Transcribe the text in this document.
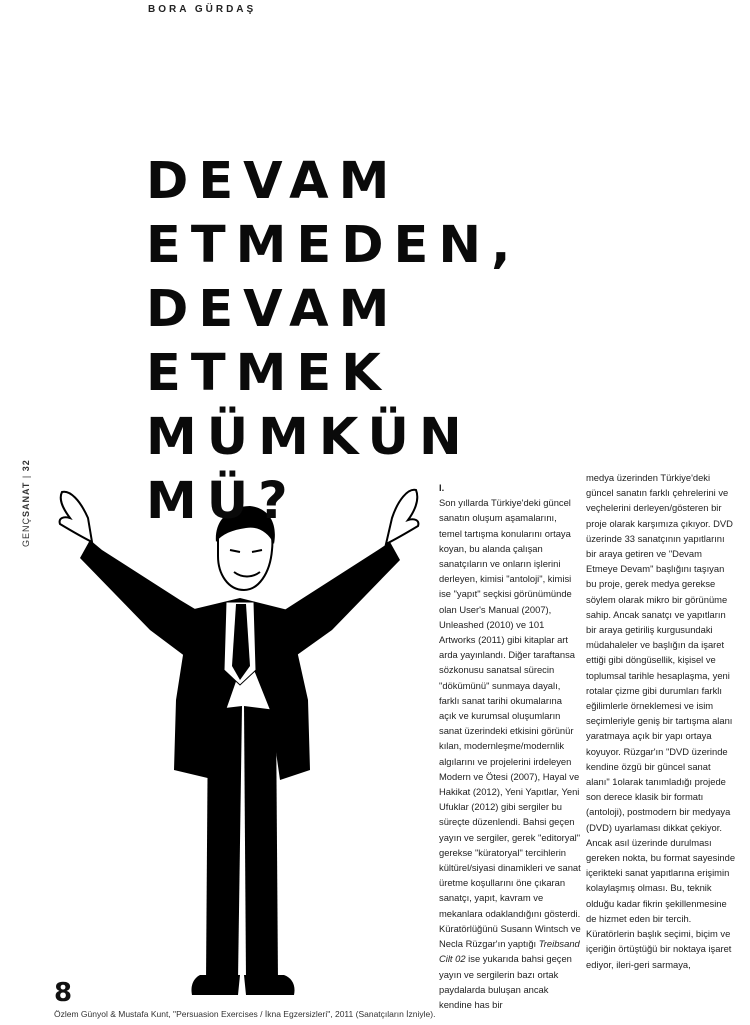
BORA GÜRDAŞ
GENÇSANAT | 32
DEVAM
ETMEDEN,
DEVAM
ETMEK
MÜMKÜN
MÜ?	I.

Son yıllarda Türkiye'deki güncel sanatın oluşum aşamalarını, temel tartışma konularını ortaya koyan, bu alanda çalışan sanatçıların ve onların işlerini derleyen, kimisi "antoloji", kimisi ise "yapıt" seçkisi görünümünde olan User's Manual (2007), Unleashed (2010) ve 101 Artworks (2011) gibi kitaplar art arda yayınlandı. Diğer taraftansa sözkonusu sanatsal sürecin "dökümünü" sunmaya dayalı, farklı sanat tarihi okumalarına açık ve kurumsal oluşumların sanat üzerindeki etkisini görünür kılan, modernleşme/modernlik algılarını ve projelerini irdeleyen Modern ve Ötesi (2007), Hayal ve Hakikat (2012), Yeni Yapıtlar, Yeni Ufuklar (2012) gibi sergiler bu süreçte düzenlendi. Bahsi geçen yayın ve sergiler, gerek "editoryal" gerekse "küratoryal" tercihlerin kültürel/siyasi dinamikleri ve sanat üretme koşullarını öne çıkaran sanatçı, yapıt, kavram ve mekanlara odaklandığını gösterdi. Küratörlüğünü Susann Wintsch ve Necla Rüzgar'ın yaptığı Treibsand Cilt 02 ise yukarıda bahsi geçen yayın ve sergilerin bazı ortak paydalarda buluşan ancak kendine has bir

medya üzerinden Türkiye'deki güncel sanatın farklı çehrelerini ve veçhelerini derleyen/gösteren bir proje olarak karşımıza çıkıyor. DVD üzerinde 33 sanatçının yapıtlarını bir araya getiren ve "Devam Etmeye Devam" başlığını taşıyan bu proje, gerek medya gerekse söylem olarak mikro bir görünüme sahip. Ancak sanatçı ve yapıtların bir araya getiriliş kurgusundaki müdahaleler ve başlığın da işaret ettiği gibi döngüsellik, kişisel ve toplumsal tarihle hesaplaşma, yeni rotalar çizme gibi durumları farklı eğilimlerle örneklemesi ve isim seçimleriyle geniş bir tartışma alanı yaratmaya açık bir yapı ortaya koyuyor. Rüzgar'ın "DVD üzerinde kendine özgü bir güncel sanat alanı" 1olarak tanımladığı projede son derece klasik bir formatı (antoloji), postmodern bir medyaya (DVD) uyarlaması dikkat çekiyor. Ancak asıl üzerinde durulması gereken nokta, bu format sayesinde içerikteki sanat yapıtlarına erişimin kolaylaşmış olması. Bu, teknik olduğu kadar fikrin şekillenmesine de hizmet eden bir tercih. Küratörlerin başlık seçimi, biçim ve içeriğin örtüştüğü bir noktaya işaret ediyor, ileri-geri sarmaya,

8
Özlem Günyol & Mustafa Kunt, "Persuasion Exercises / İkna Egzersizleri", 2011 (Sanatçıların İzniyle).
